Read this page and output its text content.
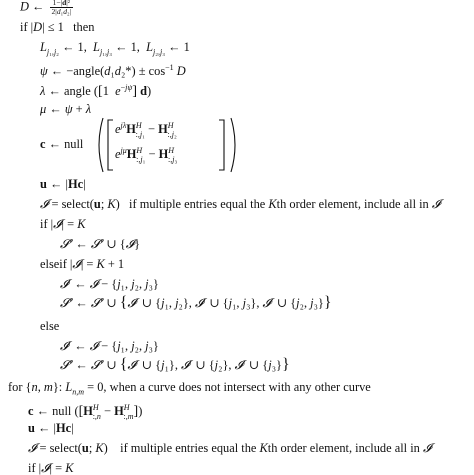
D ← $\frac{\text{1−|d|²}}{\text{2|d₁d₂|}}$
if |D| ≤ 1   then
$L_{j_1,j_2}$ ← 1,  $L_{j_1,j_3}$ ← 1,  $L_{j_2,j_3}$ ← 1
ψ ← −angle(d₁d₂*) ± $\cos^{-1} D$
λ ← angle ([1  $e^{-j\psi}$] d)
μ ← ψ + λ
c ← null
$e^{j\lambda}H^H_{:,j_1} - H^H_{:,j_2}$
$e^{j\mu}H^H_{:,j_1} - H^H_{:,j_3}$
u ← |Hc|
𝓘 = select(u; K)   if multiple entries equal the Kth order element, include all in 𝓘
if |𝓘| = K
𝓢′ ← 𝓢′ ∪ {𝓘}
elseif |𝓘| = K + 1
𝓘′ ← 𝓘 − {j₁, j₂, j₃}
𝓢′ ← 𝓢′ ∪ {𝓘′ ∪ {j₁, j₂}, 𝓘′ ∪ {j₁, j₃}, 𝓘′ ∪ {j₂, j₃}}
else
𝓘′ ← 𝓘 − {j₁, j₂, j₃}
𝓢′ ← 𝓢′ ∪ {𝓘′ ∪ {j₁}, 𝓘′ ∪ {j₂}, 𝓘′ ∪ {j₃}}
for {n, m}: $L_{n,m} = 0$, when a curve does not intersect with any other curve
c ← null $([H^H_{:,n} - H^H_{:,m}])$
u ← |Hc|
𝓘 = select(u; K)    if multiple entries equal the Kth order element, include all in 𝓘
if |𝓘| = K
